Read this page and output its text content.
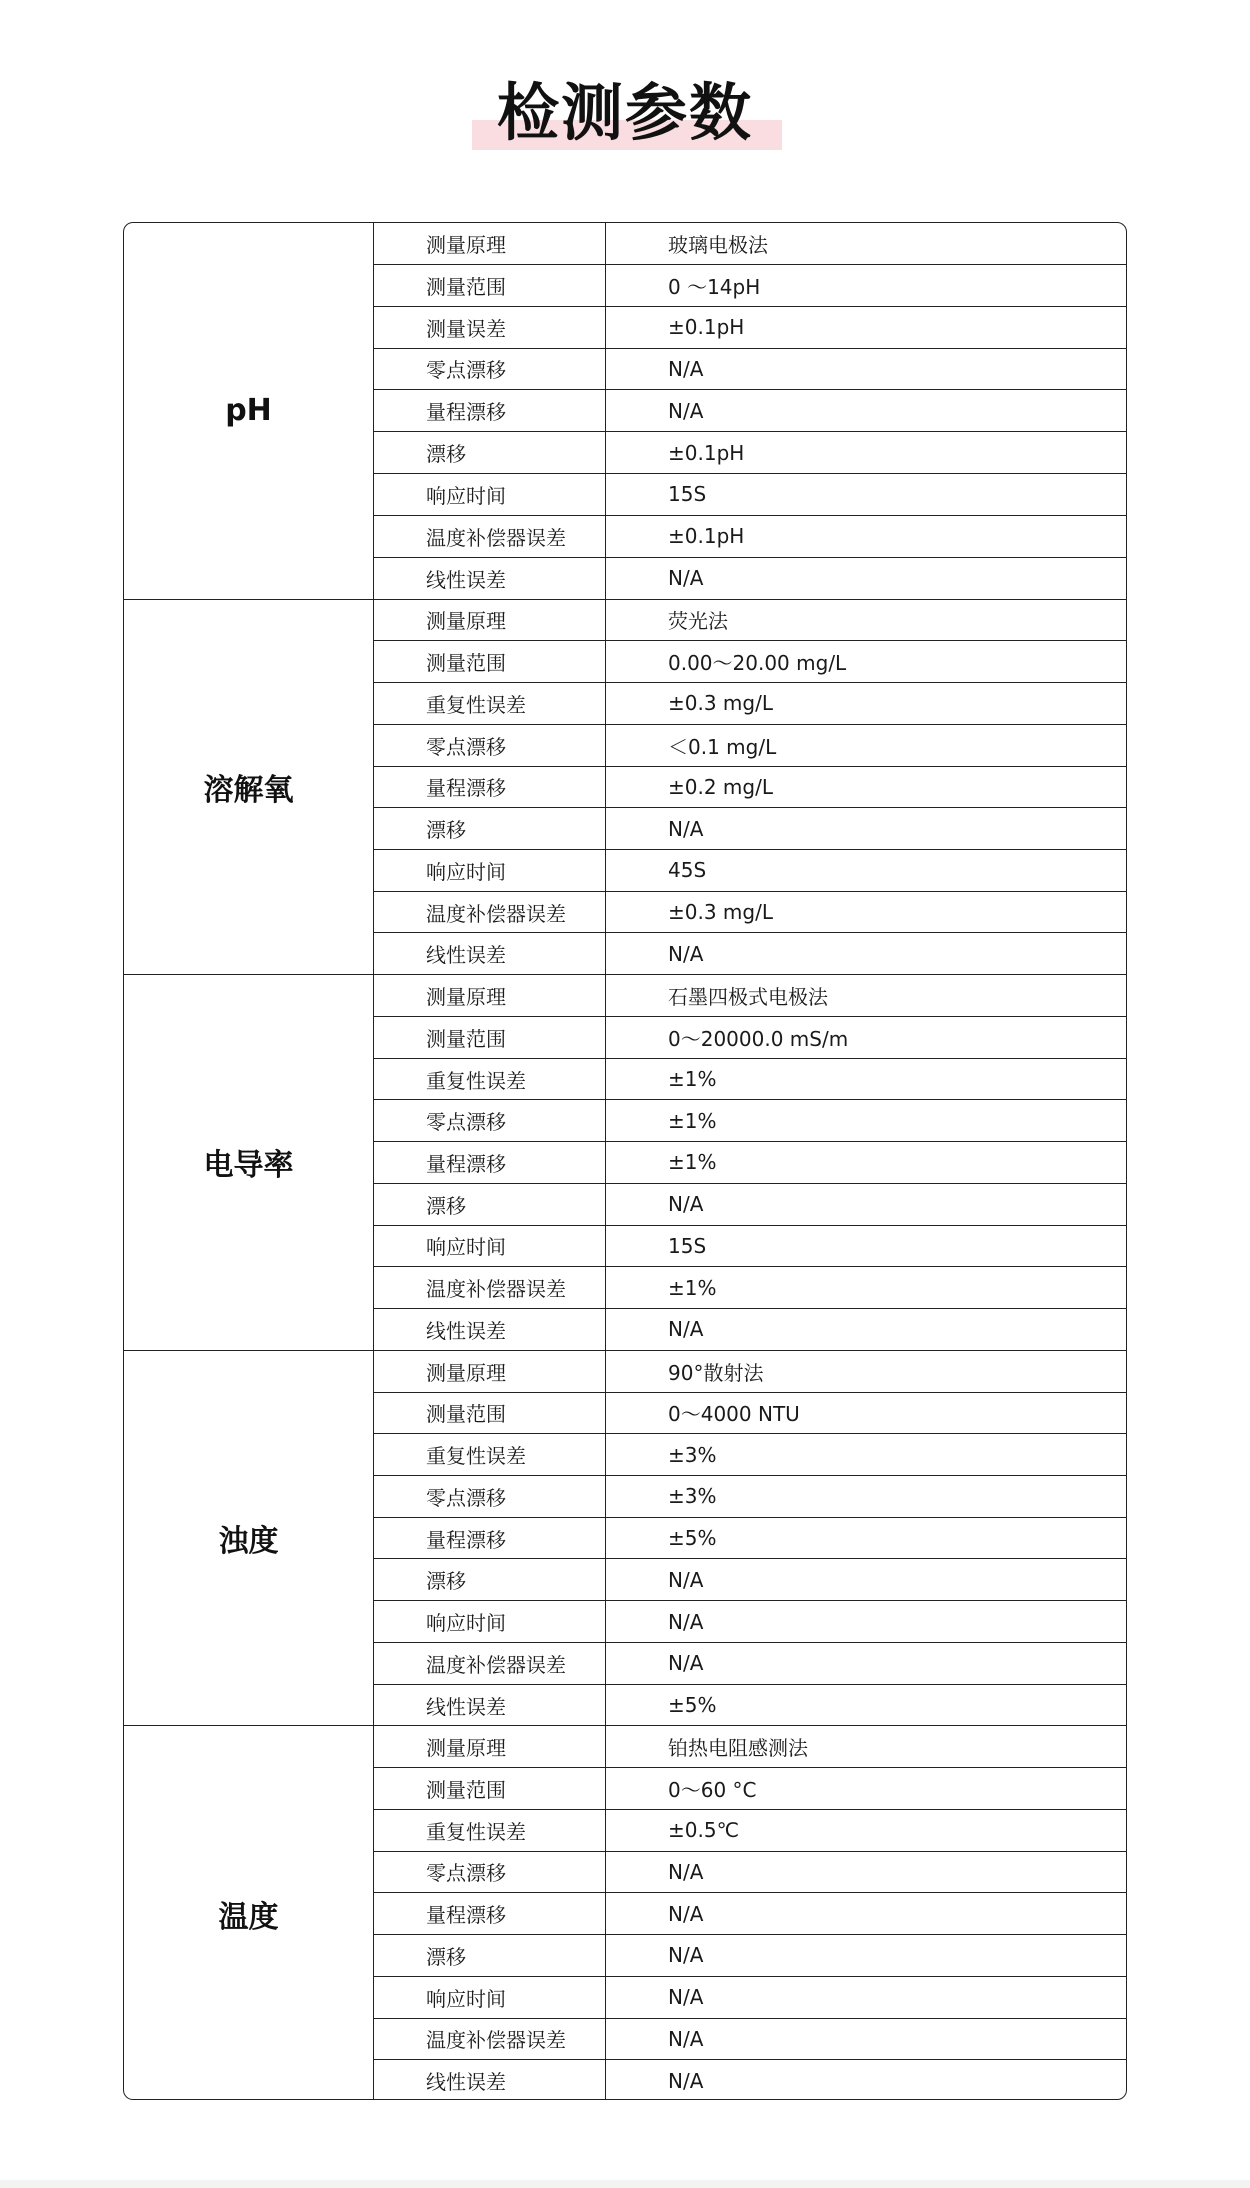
检测参数
pH
测量原理	玻璃电极法
测量范围	0 ～14pH
测量误差	±0.1pH
零点漂移	N/A
量程漂移	N/A
漂移	±0.1pH
响应时间	15S
温度补偿器误差	±0.1pH
线性误差	N/A
溶解氧
测量原理	荧光法
测量范围	0.00～20.00 mg/L
重复性误差	±0.3 mg/L
零点漂移	＜0.1 mg/L
量程漂移	±0.2 mg/L
漂移	N/A
响应时间	45S
温度补偿器误差	±0.3 mg/L
线性误差	N/A
电导率
测量原理	石墨四极式电极法
测量范围	0～20000.0 mS/m
重复性误差	±1%
零点漂移	±1%
量程漂移	±1%
漂移	N/A
响应时间	15S
温度补偿器误差	±1%
线性误差	N/A
浊度
测量原理	90°散射法
测量范围	0～4000 NTU
重复性误差	±3%
零点漂移	±3%
量程漂移	±5%
漂移	N/A
响应时间	N/A
温度补偿器误差	N/A
线性误差	±5%
温度
测量原理	铂热电阻感测法
测量范围	0～60 °C
重复性误差	±0.5℃
零点漂移	N/A
量程漂移	N/A
漂移	N/A
响应时间	N/A
温度补偿器误差	N/A
线性误差	N/A
